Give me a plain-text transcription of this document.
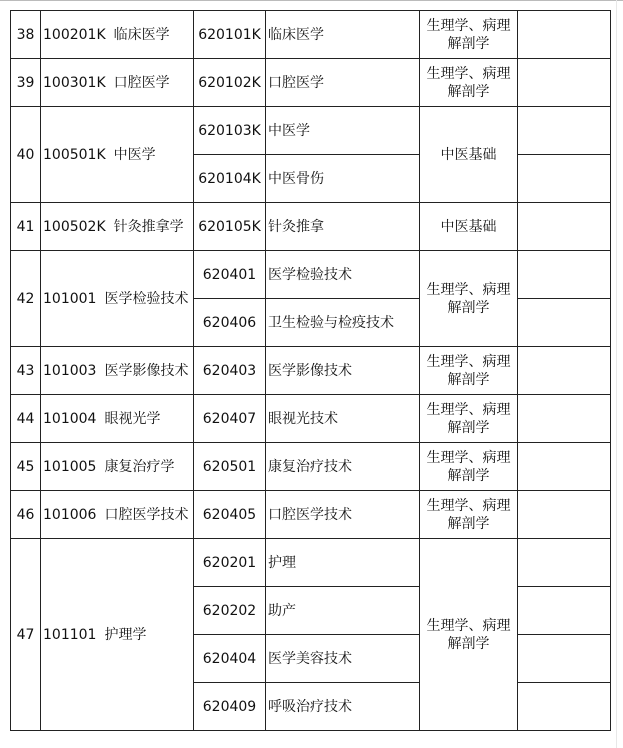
38	100201K 临床医学	620101K	临床医学	生理学、病理解剖学	
39	100301K 口腔医学	620102K	口腔医学	生理学、病理解剖学	
40	100501K 中医学	620103K	中医学	中医基础	
		620104K	中医骨伤		
41	100502K 针灸推拿学	620105K	针灸推拿	中医基础	
42	101001 医学检验技术	620401	医学检验技术	生理学、病理解剖学	
		620406	卫生检验与检疫技术		
43	101003 医学影像技术	620403	医学影像技术	生理学、病理解剖学	
44	101004 眼视光学	620407	眼视光技术	生理学、病理解剖学	
45	101005 康复治疗学	620501	康复治疗技术	生理学、病理解剖学	
46	101006 口腔医学技术	620405	口腔医学技术	生理学、病理解剖学	
47	101101 护理学	620201	护理	生理学、病理解剖学	
		620202	助产		
		620404	医学美容技术		
		620409	呼吸治疗技术		
